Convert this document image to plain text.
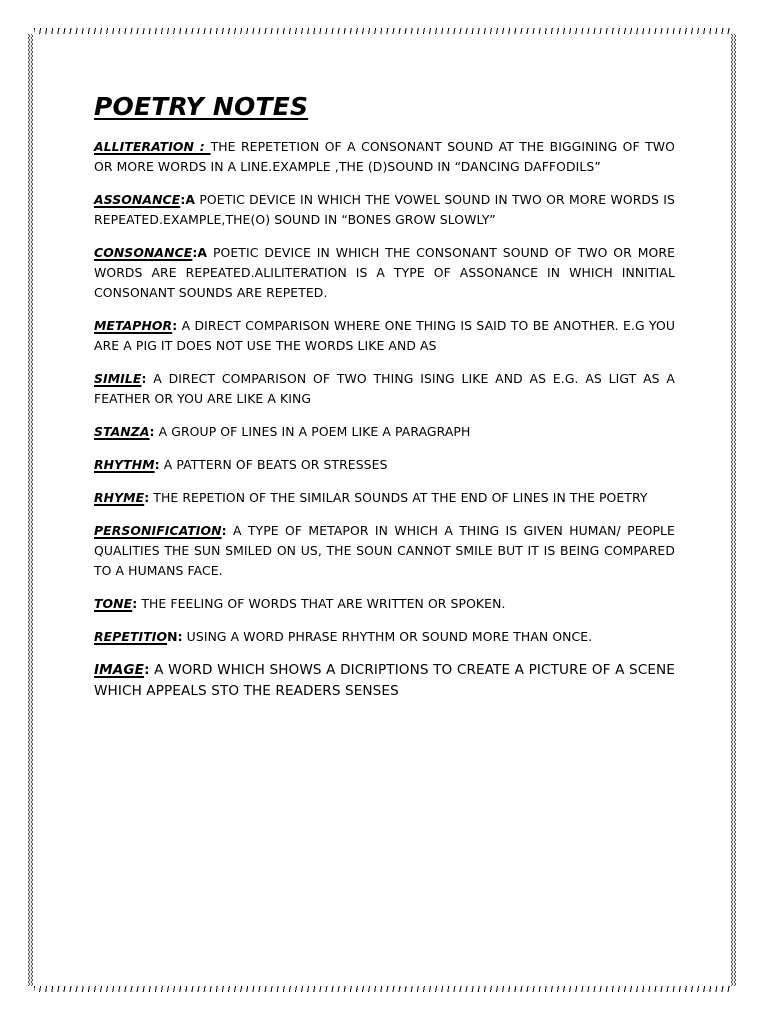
POETRY NOTES

ALLITERATION : THE REPETETION OF A CONSONANT SOUND AT THE BIGGINING OF TWO OR MORE WORDS IN A LINE.EXAMPLE ,THE (D)SOUND IN “DANCING DAFFODILS”

ASSONANCE:A POETIC DEVICE IN WHICH THE VOWEL SOUND IN TWO OR MORE WORDS IS REPEATED.EXAMPLE,THE(O) SOUND IN “BONES GROW SLOWLY”

CONSONANCE:A POETIC DEVICE IN WHICH THE CONSONANT SOUND OF TWO OR MORE WORDS ARE REPEATED.ALILITERATION IS A TYPE OF ASSONANCE IN WHICH INNITIAL CONSONANT SOUNDS ARE REPETED.

METAPHOR: A DIRECT COMPARISON WHERE ONE THING IS SAID TO BE ANOTHER. E.G YOU ARE A PIG IT DOES NOT USE THE WORDS LIKE AND AS

SIMILE: A DIRECT COMPARISON OF TWO THING ISING LIKE AND AS E.G. AS LIGT AS A FEATHER OR YOU ARE LIKE A KING

STANZA: A GROUP OF LINES IN A POEM LIKE A PARAGRAPH

RHYTHM: A PATTERN OF BEATS OR STRESSES

RHYME: THE REPETION OF THE SIMILAR SOUNDS AT THE END OF LINES IN THE POETRY

PERSONIFICATION: A TYPE OF METAPOR IN WHICH A THING IS GIVEN HUMAN/ PEOPLE QUALITIES THE SUN SMILED ON US, THE SOUN CANNOT SMILE BUT IT IS BEING COMPARED TO A HUMANS FACE.

TONE: THE FEELING OF WORDS THAT ARE WRITTEN OR SPOKEN.

REPETITION: USING A WORD PHRASE RHYTHM OR SOUND MORE THAN ONCE.

IMAGE: A WORD WHICH SHOWS A DICRIPTIONS TO CREATE A PICTURE OF A SCENE WHICH APPEALS STO THE READERS SENSES
